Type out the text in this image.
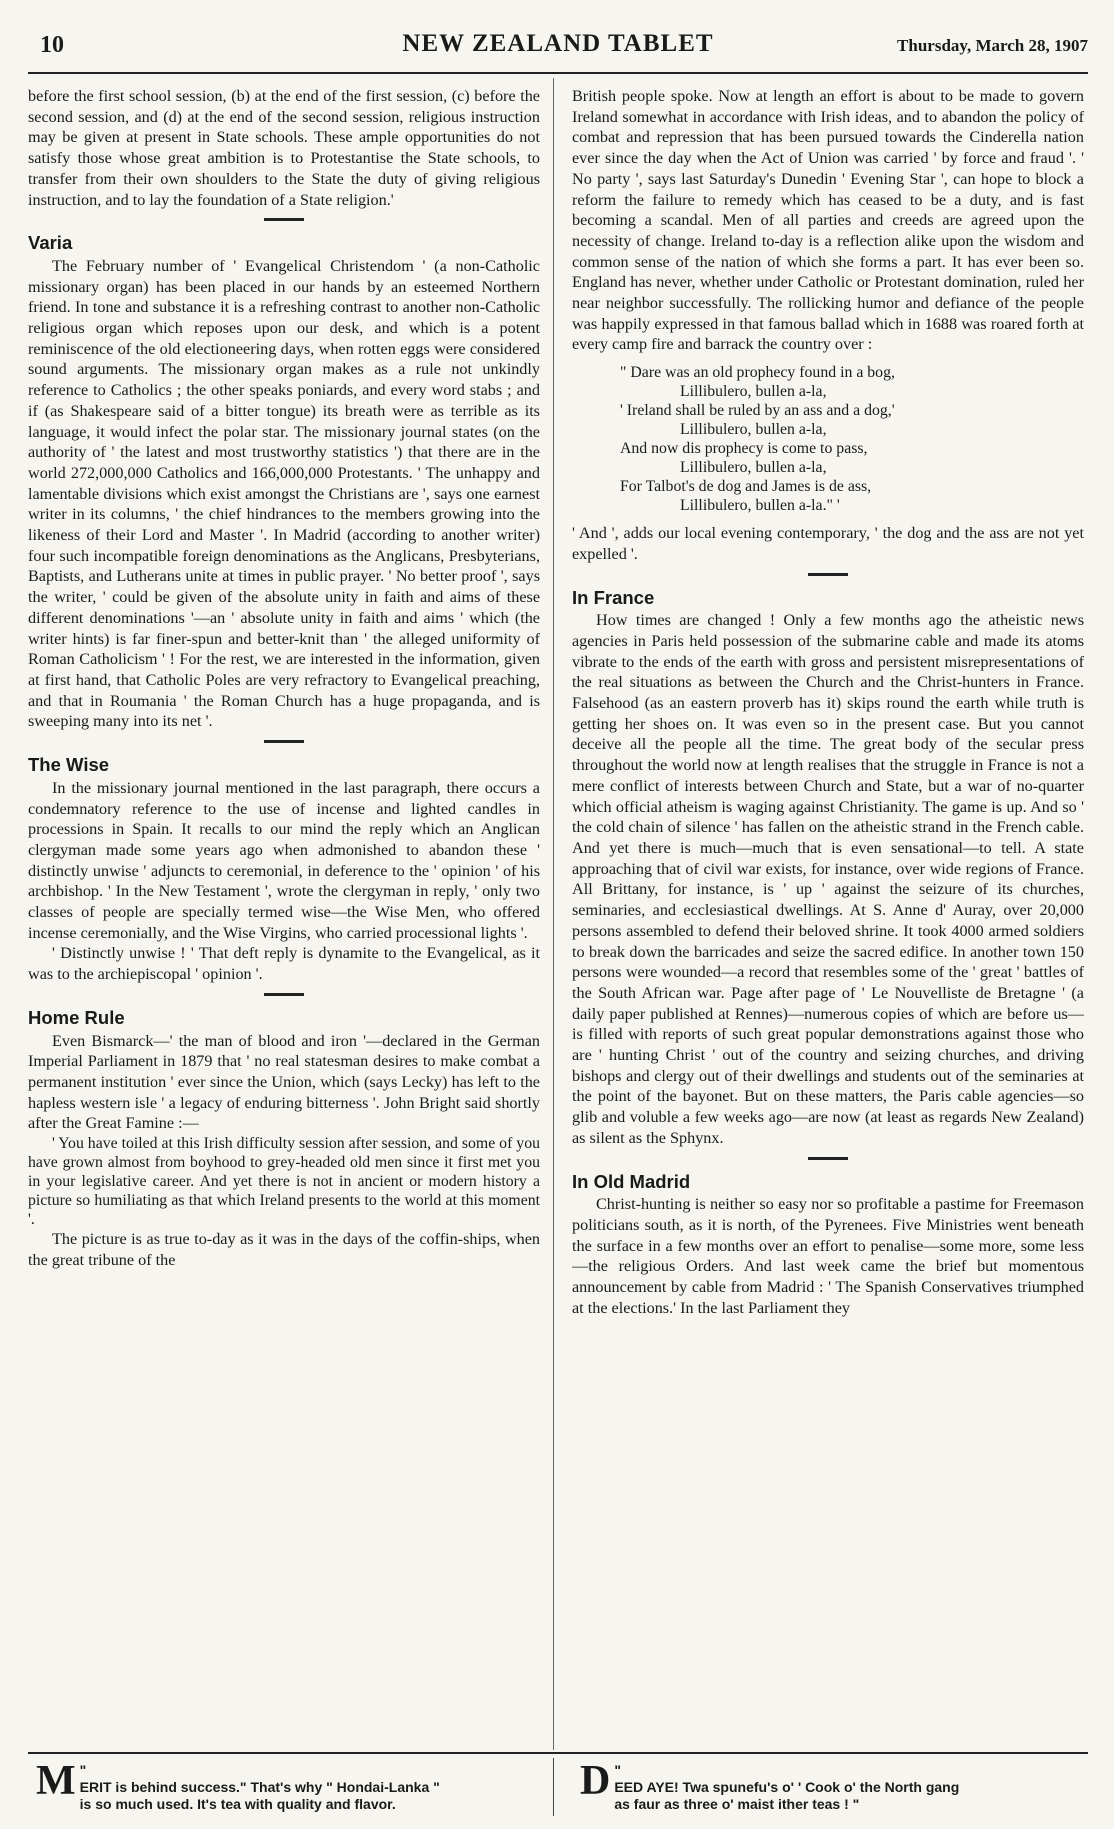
10	NEW ZEALAND TABLET	Thursday, March 28, 1907

before the first school session, (b) at the end of the first session, (c) before the second session, and (d) at the end of the second session, religious instruction may be given at present in State schools. These ample opportunities do not satisfy those whose great ambition is to Protestantise the State schools, to transfer from their own shoulders to the State the duty of giving religious instruction, and to lay the foundation of a State religion.'

Varia

The February number of ' Evangelical Christendom ' (a non-Catholic missionary organ) has been placed in our hands by an esteemed Northern friend. In tone and substance it is a refreshing contrast to another non-Catholic religious organ which reposes upon our desk, and which is a potent reminiscence of the old electioneering days, when rotten eggs were considered sound arguments. The missionary organ makes as a rule not unkindly reference to Catholics ; the other speaks poniards, and every word stabs ; and if (as Shakespeare said of a bitter tongue) its breath were as terrible as its language, it would infect the polar star. The missionary journal states (on the authority of ' the latest and most trustworthy statistics ') that there are in the world 272,000,000 Catholics and 166,000,000 Protestants. ' The unhappy and lamentable divisions which exist amongst the Christians are ', says one earnest writer in its columns, ' the chief hindrances to the members growing into the likeness of their Lord and Master '. In Madrid (according to another writer) four such incompatible foreign denominations as the Anglicans, Presbyterians, Baptists, and Lutherans unite at times in public prayer. ' No better proof ', says the writer, ' could be given of the absolute unity in faith and aims of these different denominations '—an ' absolute unity in faith and aims ' which (the writer hints) is far finer-spun and better-knit than ' the alleged uniformity of Roman Catholicism ' ! For the rest, we are interested in the information, given at first hand, that Catholic Poles are very refractory to Evangelical preaching, and that in Roumania ' the Roman Church has a huge propaganda, and is sweeping many into its net '.

The Wise

In the missionary journal mentioned in the last paragraph, there occurs a condemnatory reference to the use of incense and lighted candles in processions in Spain. It recalls to our mind the reply which an Anglican clergyman made some years ago when admonished to abandon these ' distinctly unwise ' adjuncts to ceremonial, in deference to the ' opinion ' of his archbishop. ' In the New Testament ', wrote the clergyman in reply, ' only two classes of people are specially termed wise—the Wise Men, who offered incense ceremonially, and the Wise Virgins, who carried processional lights '.

' Distinctly unwise ! ' That deft reply is dynamite to the Evangelical, as it was to the archiepiscopal ' opinion '.

Home Rule

Even Bismarck—' the man of blood and iron '—declared in the German Imperial Parliament in 1879 that ' no real statesman desires to make combat a permanent institution ' ever since the Union, which (says Lecky) has left to the hapless western isle ' a legacy of enduring bitterness '. John Bright said shortly after the Great Famine :—

' You have toiled at this Irish difficulty session after session, and some of you have grown almost from boyhood to grey-headed old men since it first met you in your legislative career. And yet there is not in ancient or modern history a picture so humiliating as that which Ireland presents to the world at this moment '.

The picture is as true to-day as it was in the days of the coffin-ships, when the great tribune of the

British people spoke. Now at length an effort is about to be made to govern Ireland somewhat in accordance with Irish ideas, and to abandon the policy of combat and repression that has been pursued towards the Cinderella nation ever since the day when the Act of Union was carried ' by force and fraud '. ' No party ', says last Saturday's Dunedin ' Evening Star ', can hope to block a reform the failure to remedy which has ceased to be a duty, and is fast becoming a scandal. Men of all parties and creeds are agreed upon the necessity of change. Ireland to-day is a reflection alike upon the wisdom and common sense of the nation of which she forms a part. It has ever been so. England has never, whether under Catholic or Protestant domination, ruled her near neighbor successfully. The rollicking humor and defiance of the people was happily expressed in that famous ballad which in 1688 was roared forth at every camp fire and barrack the country over :

" Dare was an old prophecy found in a bog,
Lillibulero, bullen a-la,
' Ireland shall be ruled by an ass and a dog,'
Lillibulero, bullen a-la,
And now dis prophecy is come to pass,
Lillibulero, bullen a-la,
For Talbot's de dog and James is de ass,
Lillibulero, bullen a-la." '

' And ', adds our local evening contemporary, ' the dog and the ass are not yet expelled '.

In France

How times are changed ! Only a few months ago the atheistic news agencies in Paris held possession of the submarine cable and made its atoms vibrate to the ends of the earth with gross and persistent misrepresentations of the real situations as between the Church and the Christ-hunters in France. Falsehood (as an eastern proverb has it) skips round the earth while truth is getting her shoes on. It was even so in the present case. But you cannot deceive all the people all the time. The great body of the secular press throughout the world now at length realises that the struggle in France is not a mere conflict of interests between Church and State, but a war of no-quarter which official atheism is waging against Christianity. The game is up. And so ' the cold chain of silence ' has fallen on the atheistic strand in the French cable. And yet there is much—much that is even sensational—to tell. A state approaching that of civil war exists, for instance, over wide regions of France. All Brittany, for instance, is ' up ' against the seizure of its churches, seminaries, and ecclesiastical dwellings. At S. Anne d' Auray, over 20,000 persons assembled to defend their beloved shrine. It took 4000 armed soldiers to break down the barricades and seize the sacred edifice. In another town 150 persons were wounded—a record that resembles some of the ' great ' battles of the South African war. Page after page of ' Le Nouvelliste de Bretagne ' (a daily paper published at Rennes)—numerous copies of which are before us—is filled with reports of such great popular demonstrations against those who are ' hunting Christ ' out of the country and seizing churches, and driving bishops and clergy out of their dwellings and students out of the seminaries at the point of the bayonet. But on these matters, the Paris cable agencies—so glib and voluble a few weeks ago—are now (at least as regards New Zealand) as silent as the Sphynx.

In Old Madrid

Christ-hunting is neither so easy nor so profitable a pastime for Freemason politicians south, as it is north, of the Pyrenees. Five Ministries went beneath the surface in a few months over an effort to penalise—some more, some less—the religious Orders. And last week came the brief but momentous announcement by cable from Madrid : ' The Spanish Conservatives triumphed at the elections.' In the last Parliament they

"
M ERIT is behind success." That's why " Hondai-Lanka "
is so much used. It's tea with quality and flavor.
"
D EED AYE! Twa spunefu's o' ' Cook o' the North gang
as faur as three o' maist ither teas ! "
